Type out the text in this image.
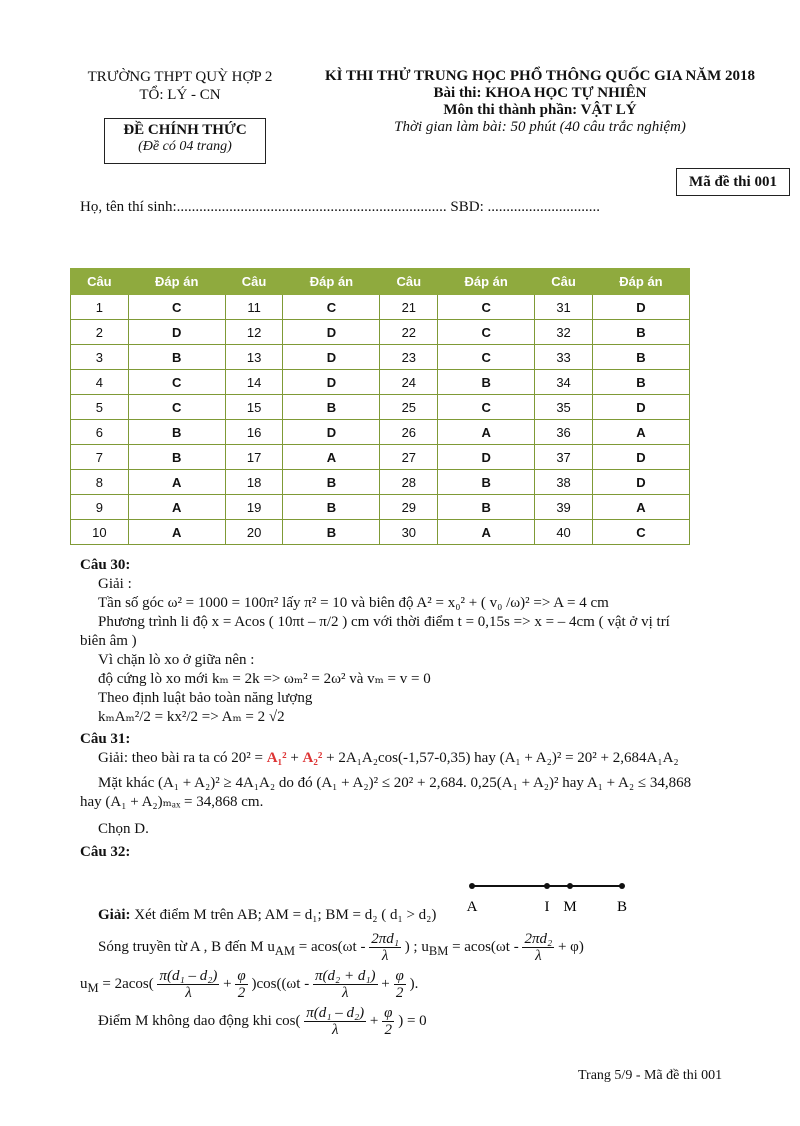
TRƯỜNG THPT QUỲ HỢP 2
TỔ: LÝ - CN
ĐỀ CHÍNH THỨC
(Đề có 04 trang)
KÌ THI THỬ TRUNG HỌC PHỔ THÔNG QUỐC GIA NĂM 2018
Bài thi: KHOA HỌC TỰ NHIÊN
Môn thi thành phần: VẬT LÝ
Thời gian làm bài: 50 phút (40 câu trắc nghiệm)
Mã đề thi 001
Họ, tên thí sinh:........................................................................ SBD: ..............................
Câu	Đáp án	Câu	Đáp án	Câu	Đáp án	Câu	Đáp án
1	C	11	C	21	C	31	D
2	D	12	D	22	C	32	B
3	B	13	D	23	C	33	B
4	C	14	D	24	B	34	B
5	C	15	B	25	C	35	D
6	B	16	D	26	A	36	A
7	B	17	A	27	D	37	D
8	A	18	B	28	B	38	D
9	A	19	B	29	B	39	A
10	A	20	B	30	A	40	C

Câu 30:

Giải :

Tần số góc ω² = 1000 = 100π² lấy π² = 10 và biên độ A² = x₀² + ( v₀ /ω)² => A = 4 cm

Phương trình li độ x = Acos ( 10πt – π/2 ) cm với thời điểm t = 0,15s => x = – 4cm ( vật ở vị trí

biên âm )

Vì chặn lò xo ở giữa nên :

độ cứng lò xo mới kₘ = 2k => ωₘ² = 2ω² và vₘ = v = 0

Theo định luật bảo toàn năng lượng

kₘAₘ²/2 = kx²/2 => Aₘ = 2 √2

Câu 31:

Giải: theo bài ra ta có 20² = A₁² + A₂² + 2A₁A₂cos(-1,57-0,35) hay (A₁ + A₂)² = 20² + 2,684A₁A₂

Mặt khác (A₁ + A₂)² ≥ 4A₁A₂ do đó (A₁ + A₂)² ≤ 20² + 2,684. 0,25(A₁ + A₂)² hay A₁ + A₂ ≤ 34,868

hay (A₁ + A₂)ₘₐₓ = 34,868 cm.

Chọn D.

Câu 32:

Giải: Xét điểm M trên AB; AM = d₁; BM = d₂ ( d₁ > d₂)

Sóng truyền từ A , B đến M $u_{AM} = acos(\omega t - \frac{\text{2πd₁}}{\lambda}$ ) ; $u_{BM} = acos(\omega t - \frac{\text{2πd₂}}{\lambda} + \varphi)$

$u_M = 2acos( \frac{\text{π(d₁ – d₂)}}{\lambda} + \frac{\varphi}{2} )\cos((\omega t - \frac{\text{π(d₂ + d₁)}}{\lambda} + \frac{\varphi}{2}$ ).

Điểm M không dao động khi $\cos( \frac{\text{π(d₁ – d₂)}}{\lambda} + \frac{\varphi}{2}$ ) = 0

A	I M	B
Trang 5/9 - Mã đề thi 001
